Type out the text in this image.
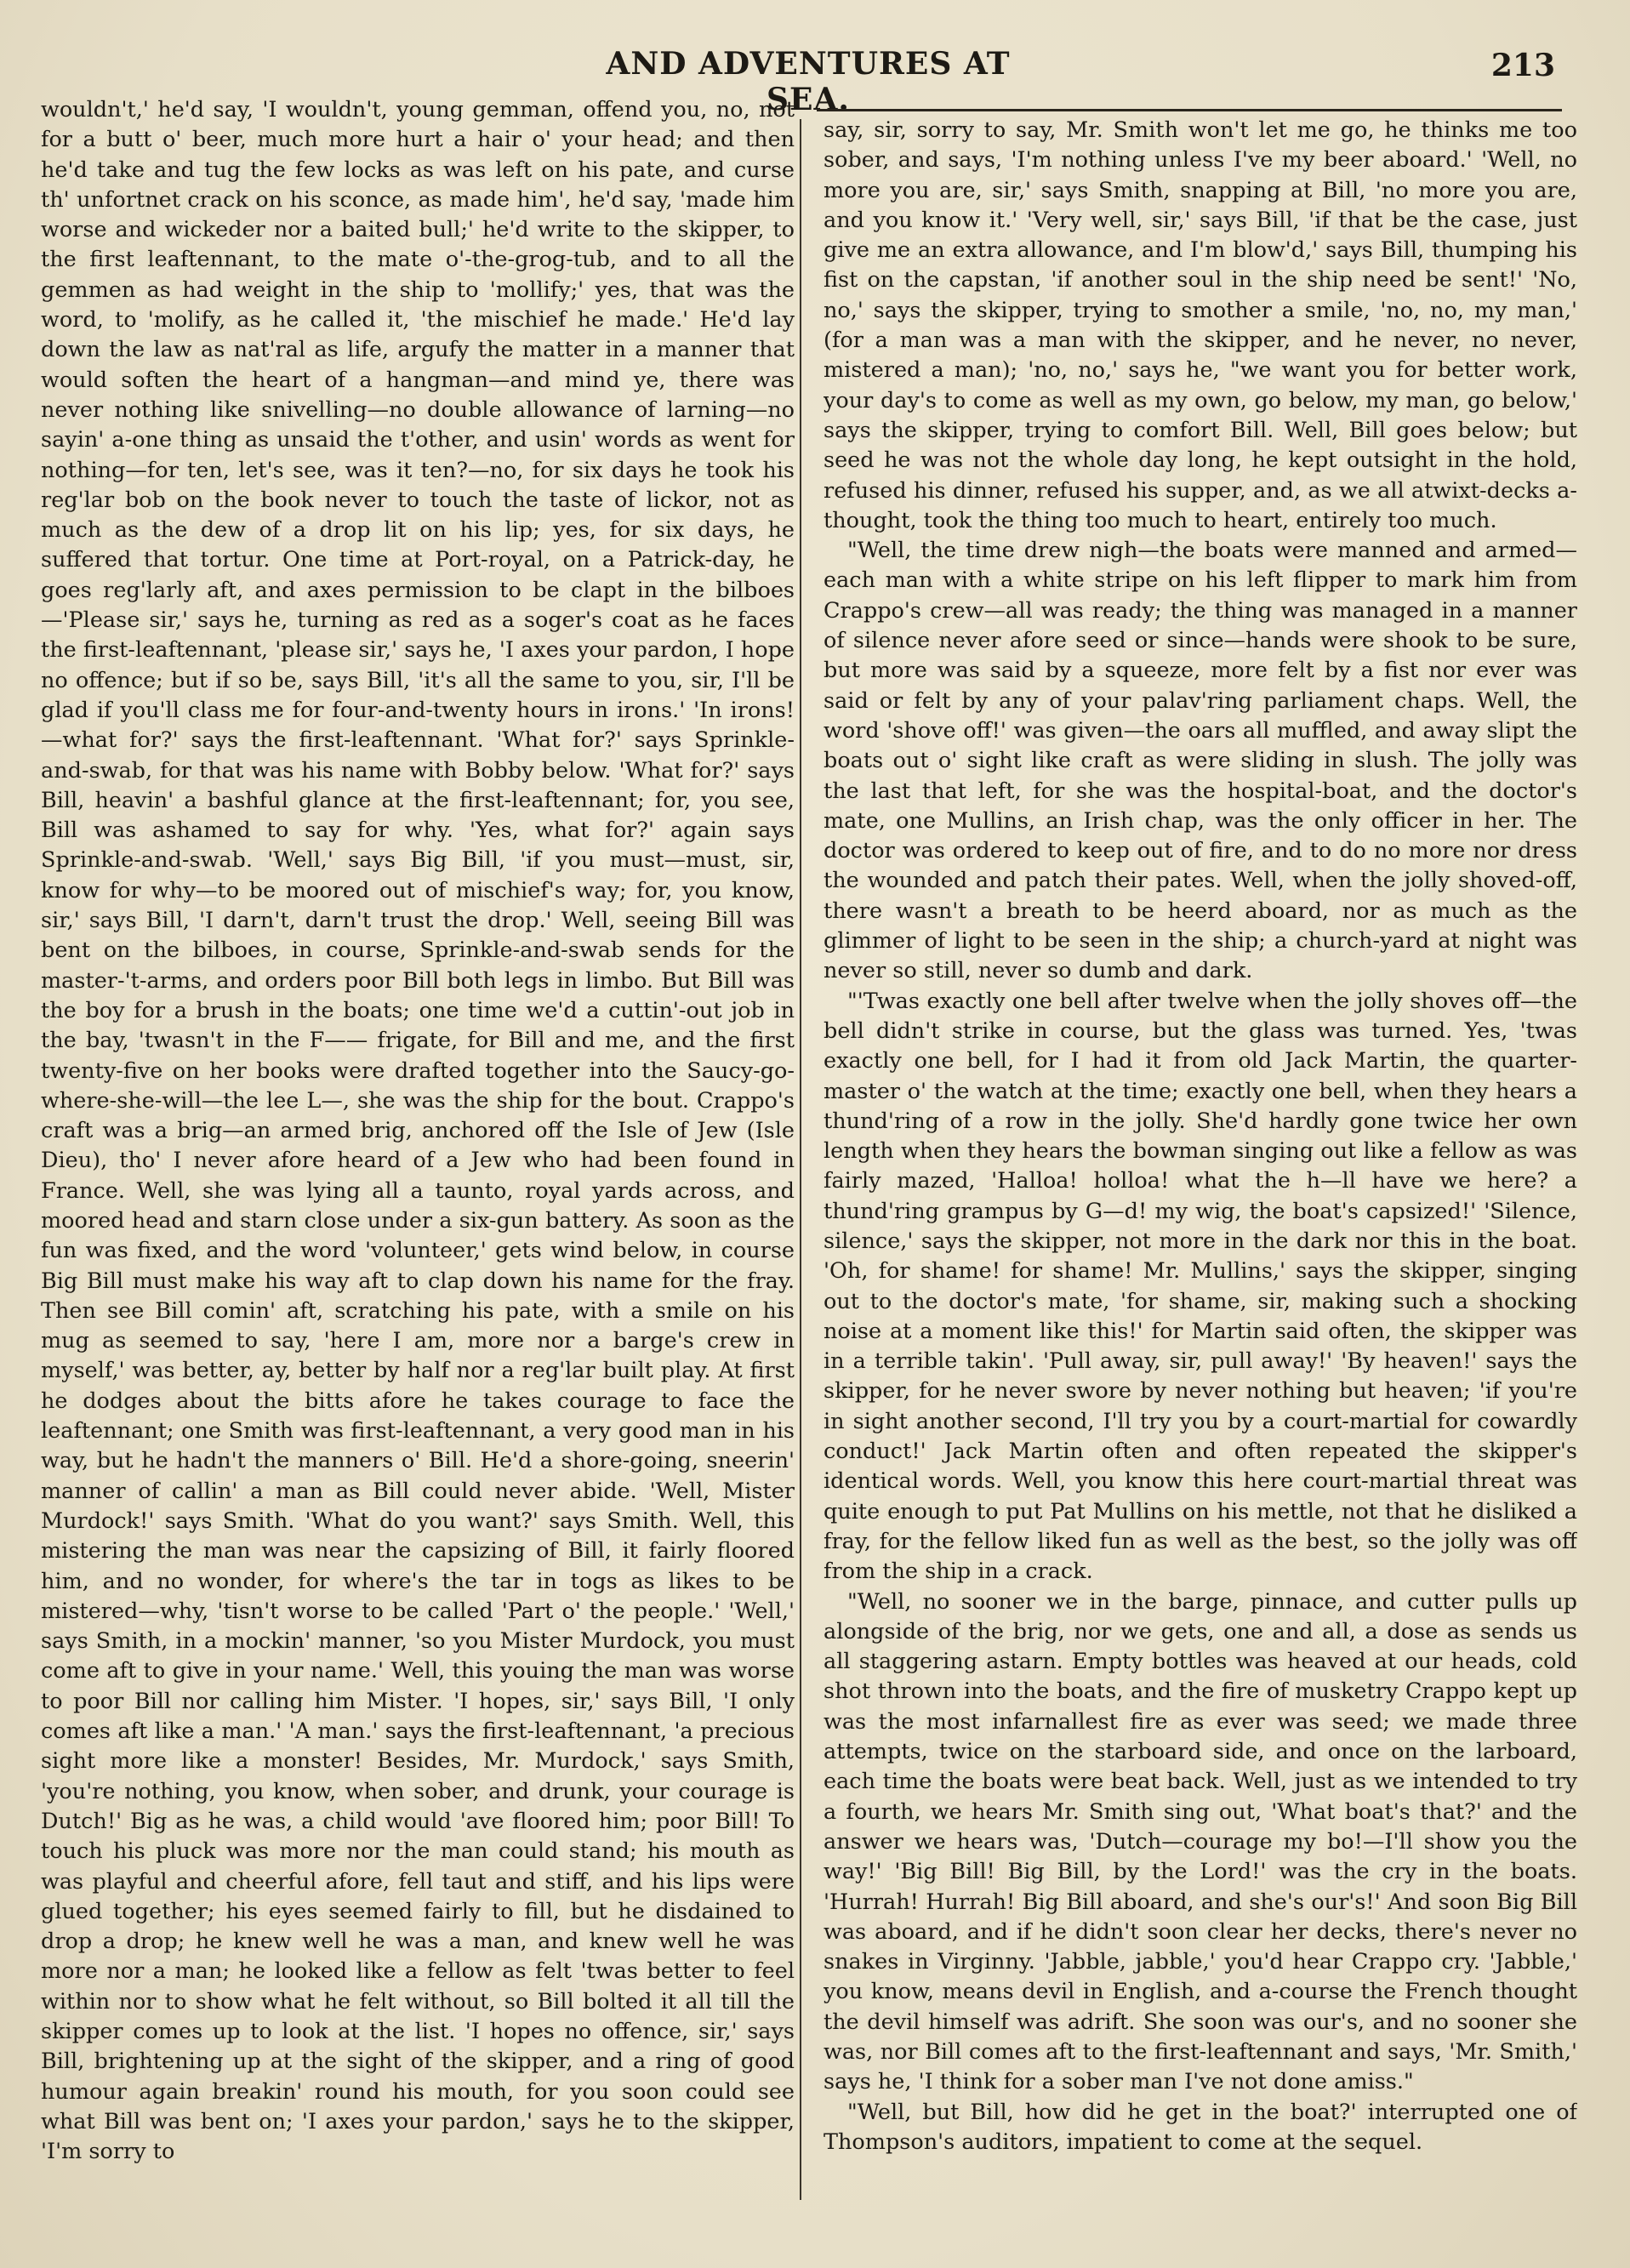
AND ADVENTURES AT SEA.
213

wouldn't,' he'd say, 'I wouldn't, young gemman, offend you, no, not for a butt o' beer, much more hurt a hair o' your head; and then he'd take and tug the few locks as was left on his pate, and curse th' unfortnet crack on his sconce, as made him', he'd say, 'made him worse and wickeder nor a baited bull;' he'd write to the skipper, to the first leaftennant, to the mate o'-the-grog-tub, and to all the gemmen as had weight in the ship to 'mollify;' yes, that was the word, to 'molify, as he called it, 'the mischief he made.' He'd lay down the law as nat'ral as life, argufy the matter in a manner that would soften the heart of a hangman—and mind ye, there was never nothing like snivelling—no double allowance of larning—no sayin' a-one thing as unsaid the t'other, and usin' words as went for nothing—for ten, let's see, was it ten?—no, for six days he took his reg'lar bob on the book never to touch the taste of lickor, not as much as the dew of a drop lit on his lip; yes, for six days, he suffered that tortur. One time at Port-royal, on a Patrick-day, he goes reg'larly aft, and axes permission to be clapt in the bilboes—'Please sir,' says he, turning as red as a soger's coat as he faces the first-leaftennant, 'please sir,' says he, 'I axes your pardon, I hope no offence; but if so be, says Bill, 'it's all the same to you, sir, I'll be glad if you'll class me for four-and-twenty hours in irons.' 'In irons!—what for?' says the first-leaftennant. 'What for?' says Sprinkle-and-swab, for that was his name with Bobby below. 'What for?' says Bill, heavin' a bashful glance at the first-leaftennant; for, you see, Bill was ashamed to say for why. 'Yes, what for?' again says Sprinkle-and-swab. 'Well,' says Big Bill, 'if you must—must, sir, know for why—to be moored out of mischief's way; for, you know, sir,' says Bill, 'I darn't, darn't trust the drop.' Well, seeing Bill was bent on the bilboes, in course, Sprinkle-and-swab sends for the master-'t-arms, and orders poor Bill both legs in limbo. But Bill was the boy for a brush in the boats; one time we'd a cuttin'-out job in the bay, 'twasn't in the F—— frigate, for Bill and me, and the first twenty-five on her books were drafted together into the Saucy-go-where-she-will—the lee L—, she was the ship for the bout. Crappo's craft was a brig—an armed brig, anchored off the Isle of Jew (Isle Dieu), tho' I never afore heard of a Jew who had been found in France. Well, she was lying all a taunto, royal yards across, and moored head and starn close under a six-gun battery. As soon as the fun was fixed, and the word 'volunteer,' gets wind below, in course Big Bill must make his way aft to clap down his name for the fray. Then see Bill comin' aft, scratching his pate, with a smile on his mug as seemed to say, 'here I am, more nor a barge's crew in myself,' was better, ay, better by half nor a reg'lar built play. At first he dodges about the bitts afore he takes courage to face the leaftennant; one Smith was first-leaftennant, a very good man in his way, but he hadn't the manners o' Bill. He'd a shore-going, sneerin' manner of callin' a man as Bill could never abide. 'Well, Mister Murdock!' says Smith. 'What do you want?' says Smith. Well, this mistering the man was near the capsizing of Bill, it fairly floored him, and no wonder, for where's the tar in togs as likes to be mistered—why, 'tisn't worse to be called 'Part o' the people.' 'Well,' says Smith, in a mockin' manner, 'so you Mister Murdock, you must come aft to give in your name.' Well, this youing the man was worse to poor Bill nor calling him Mister. 'I hopes, sir,' says Bill, 'I only comes aft like a man.' 'A man.' says the first-leaftennant, 'a precious sight more like a monster! Besides, Mr. Murdock,' says Smith, 'you're nothing, you know, when sober, and drunk, your courage is Dutch!' Big as he was, a child would 'ave floored him; poor Bill! To touch his pluck was more nor the man could stand; his mouth as was playful and cheerful afore, fell taut and stiff, and his lips were glued together; his eyes seemed fairly to fill, but he disdained to drop a drop; he knew well he was a man, and knew well he was more nor a man; he looked like a fellow as felt 'twas better to feel within nor to show what he felt without, so Bill bolted it all till the skipper comes up to look at the list. 'I hopes no offence, sir,' says Bill, brightening up at the sight of the skipper, and a ring of good humour again breakin' round his mouth, for you soon could see what Bill was bent on; 'I axes your pardon,' says he to the skipper, 'I'm sorry to

say, sir, sorry to say, Mr. Smith won't let me go, he thinks me too sober, and says, 'I'm nothing unless I've my beer aboard.' 'Well, no more you are, sir,' says Smith, snapping at Bill, 'no more you are, and you know it.' 'Very well, sir,' says Bill, 'if that be the case, just give me an extra allowance, and I'm blow'd,' says Bill, thumping his fist on the capstan, 'if another soul in the ship need be sent!' 'No, no,' says the skipper, trying to smother a smile, 'no, no, my man,' (for a man was a man with the skipper, and he never, no never, mistered a man); 'no, no,' says he, "we want you for better work, your day's to come as well as my own, go below, my man, go below,' says the skipper, trying to comfort Bill. Well, Bill goes below; but seed he was not the whole day long, he kept outsight in the hold, refused his dinner, refused his supper, and, as we all atwixt-decks a-thought, took the thing too much to heart, entirely too much.

"Well, the time drew nigh—the boats were manned and armed—each man with a white stripe on his left flipper to mark him from Crappo's crew—all was ready; the thing was managed in a manner of silence never afore seed or since—hands were shook to be sure, but more was said by a squeeze, more felt by a fist nor ever was said or felt by any of your palav'ring parliament chaps. Well, the word 'shove off!' was given—the oars all muffled, and away slipt the boats out o' sight like craft as were sliding in slush. The jolly was the last that left, for she was the hospital-boat, and the doctor's mate, one Mullins, an Irish chap, was the only officer in her. The doctor was ordered to keep out of fire, and to do no more nor dress the wounded and patch their pates. Well, when the jolly shoved-off, there wasn't a breath to be heerd aboard, nor as much as the glimmer of light to be seen in the ship; a church-yard at night was never so still, never so dumb and dark.

"'Twas exactly one bell after twelve when the jolly shoves off—the bell didn't strike in course, but the glass was turned. Yes, 'twas exactly one bell, for I had it from old Jack Martin, the quarter-master o' the watch at the time; exactly one bell, when they hears a thund'ring of a row in the jolly. She'd hardly gone twice her own length when they hears the bowman singing out like a fellow as was fairly mazed, 'Halloa! holloa! what the h—ll have we here? a thund'ring grampus by G—d! my wig, the boat's capsized!' 'Silence, silence,' says the skipper, not more in the dark nor this in the boat. 'Oh, for shame! for shame! Mr. Mullins,' says the skipper, singing out to the doctor's mate, 'for shame, sir, making such a shocking noise at a moment like this!' for Martin said often, the skipper was in a terrible takin'. 'Pull away, sir, pull away!' 'By heaven!' says the skipper, for he never swore by never nothing but heaven; 'if you're in sight another second, I'll try you by a court-martial for cowardly conduct!' Jack Martin often and often repeated the skipper's identical words. Well, you know this here court-martial threat was quite enough to put Pat Mullins on his mettle, not that he disliked a fray, for the fellow liked fun as well as the best, so the jolly was off from the ship in a crack.

"Well, no sooner we in the barge, pinnace, and cutter pulls up alongside of the brig, nor we gets, one and all, a dose as sends us all staggering astarn. Empty bottles was heaved at our heads, cold shot thrown into the boats, and the fire of musketry Crappo kept up was the most infarnallest fire as ever was seed; we made three attempts, twice on the starboard side, and once on the larboard, each time the boats were beat back. Well, just as we intended to try a fourth, we hears Mr. Smith sing out, 'What boat's that?' and the answer we hears was, 'Dutch—courage my bo!—I'll show you the way!' 'Big Bill! Big Bill, by the Lord!' was the cry in the boats. 'Hurrah! Hurrah! Big Bill aboard, and she's our's!' And soon Big Bill was aboard, and if he didn't soon clear her decks, there's never no snakes in Virginny. 'Jabble, jabble,' you'd hear Crappo cry. 'Jabble,' you know, means devil in English, and a-course the French thought the devil himself was adrift. She soon was our's, and no sooner she was, nor Bill comes aft to the first-leaftennant and says, 'Mr. Smith,' says he, 'I think for a sober man I've not done amiss."

"Well, but Bill, how did he get in the boat?' interrupted one of Thompson's auditors, impatient to come at the sequel.
